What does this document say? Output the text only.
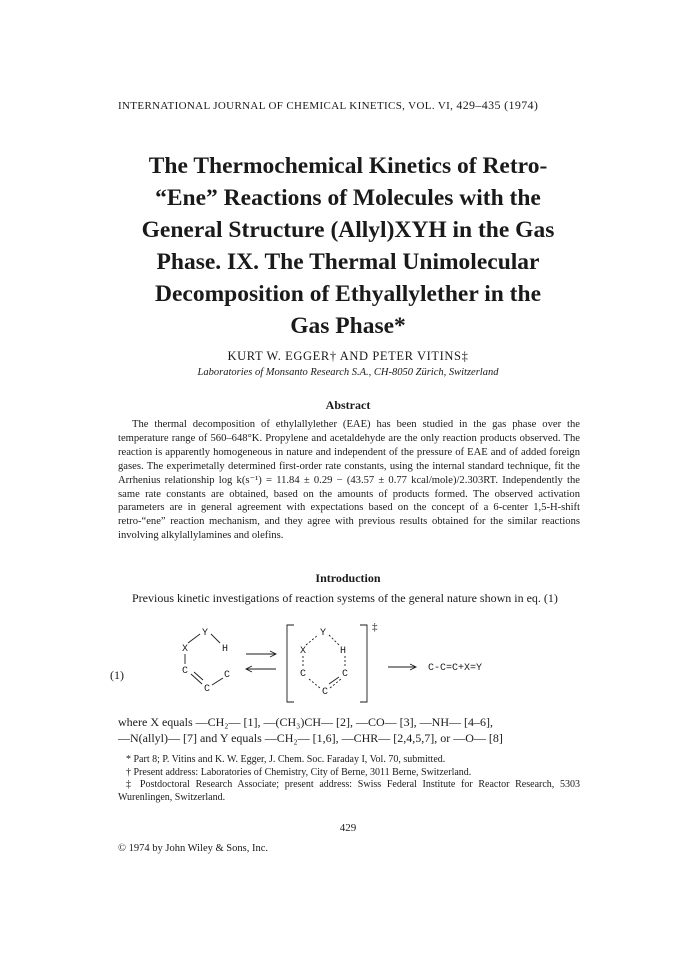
INTERNATIONAL JOURNAL OF CHEMICAL KINETICS, VOL. VI, 429–435 (1974)
The Thermochemical Kinetics of Retro-
“Ene” Reactions of Molecules with the
General Structure (Allyl)XYH in the Gas
Phase. IX. The Thermal Unimolecular
Decomposition of Ethyallylether in the
Gas Phase*
KURT W. EGGER† AND PETER VITINS‡
Laboratories of Monsanto Research S.A., CH-8050 Zürich, Switzerland
Abstract

The thermal decomposition of ethylallylether (EAE) has been studied in the gas phase over the temperature range of 560–648°K. Propylene and acetaldehyde are the only reaction products observed. The reaction is apparently homogeneous in nature and independent of the pressure of EAE and of added foreign gases. The experimetally determined first-order rate constants, using the internal standard technique, fit the Arrhenius relationship log k(s⁻¹) = 11.84 ± 0.29 − (43.57 ± 0.77 kcal/mole)/2.303RT. Independently the same rate constants are obtained, based on the amounts of products formed. The observed activation parameters are in general agreement with expectations based on the concept of a 6-center 1,5-H-shift retro-“ene” reaction mechanism, and they agree with previous results obtained for the similar reactions involving alkylallylamines and olefins.

Introduction

Previous kinetic investigations of reaction systems of the general nature shown in eq. (1)

(1)
Y
X	H
C	C
C
Y
X	H
C	C
C
‡
C-C=C+X=Y
where X equals —CH₂— [1], —(CH₃)CH— [2], —CO— [3], —NH— [4–6],
—N(allyl)— [7] and Y equals —CH₂— [1,6], —CHR— [2,4,5,7], or —O— [8]

* Part 8; P. Vitins and K. W. Egger, J. Chem. Soc. Faraday I, Vol. 70, submitted.

† Present address: Laboratories of Chemistry, City of Berne, 3011 Berne, Switzerland.

‡ Postdoctoral Research Associate; present address: Swiss Federal Institute for Reactor Research, 5303 Wurenlingen, Switzerland.

429
© 1974 by John Wiley & Sons, Inc.
